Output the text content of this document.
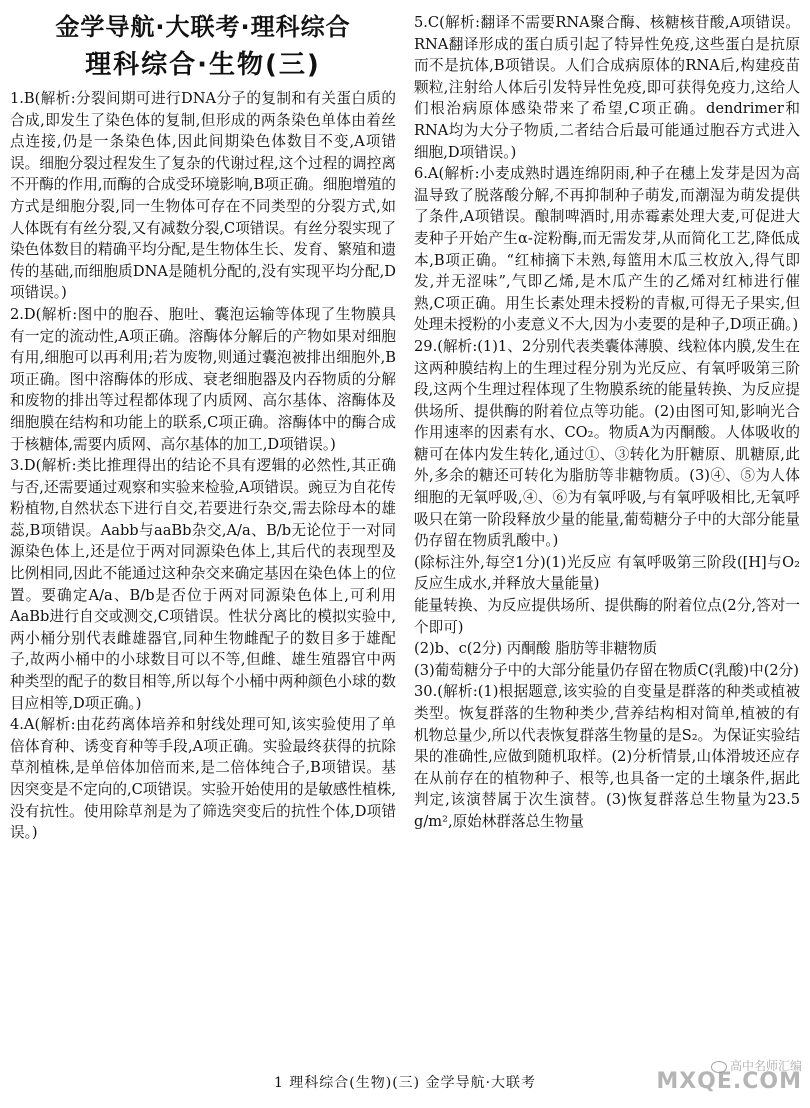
金学导航·大联考·理科综合
理科综合·生物(三)

1.B(解析:分裂间期可进行DNA分子的复制和有关蛋白质的合成,即发生了染色体的复制,但形成的两条染色单体由着丝点连接,仍是一条染色体,因此间期染色体数目不变,A项错误。细胞分裂过程发生了复杂的代谢过程,这个过程的调控离不开酶的作用,而酶的合成受环境影响,B项正确。细胞增殖的方式是细胞分裂,同一生物体可存在不同类型的分裂方式,如人体既有有丝分裂,又有减数分裂,C项错误。有丝分裂实现了染色体数目的精确平均分配,是生物体生长、发育、繁殖和遗传的基础,而细胞质DNA是随机分配的,没有实现平均分配,D项错误。)

2.D(解析:图中的胞吞、胞吐、囊泡运输等体现了生物膜具有一定的流动性,A项正确。溶酶体分解后的产物如果对细胞有用,细胞可以再利用;若为废物,则通过囊泡被排出细胞外,B项正确。图中溶酶体的形成、衰老细胞器及内吞物质的分解和废物的排出等过程都体现了内质网、高尔基体、溶酶体及细胞膜在结构和功能上的联系,C项正确。溶酶体中的酶合成于核糖体,需要内质网、高尔基体的加工,D项错误。)

3.D(解析:类比推理得出的结论不具有逻辑的必然性,其正确与否,还需要通过观察和实验来检验,A项错误。豌豆为自花传粉植物,自然状态下进行自交,若要进行杂交,需去除母本的雄蕊,B项错误。Aabb与aaBb杂交,A/a、B/b无论位于一对同源染色体上,还是位于两对同源染色体上,其后代的表现型及比例相同,因此不能通过这种杂交来确定基因在染色体上的位置。要确定A/a、B/b是否位于两对同源染色体上,可利用AaBb进行自交或测交,C项错误。性状分离比的模拟实验中,两小桶分别代表雌雄器官,同种生物雌配子的数目多于雄配子,故两小桶中的小球数目可以不等,但雌、雄生殖器官中两种类型的配子的数目相等,所以每个小桶中两种颜色小球的数目应相等,D项正确。)

4.A(解析:由花药离体培养和射线处理可知,该实验使用了单倍体育种、诱变育种等手段,A项正确。实验最终获得的抗除草剂植株,是单倍体加倍而来,是二倍体纯合子,B项错误。基因突变是不定向的,C项错误。实验开始使用的是敏感性植株,没有抗性。使用除草剂是为了筛选突变后的抗性个体,D项错误。)

5.C(解析:翻译不需要RNA聚合酶、核糖核苷酸,A项错误。RNA翻译形成的蛋白质引起了特异性免疫,这些蛋白是抗原而不是抗体,B项错误。人们合成病原体的RNA后,构建疫苗颗粒,注射给人体后引发特异性免疫,即可获得免疫力,这给人们根治病原体感染带来了希望,C项正确。dendrimer和RNA均为大分子物质,二者结合后最可能通过胞吞方式进入细胞,D项错误。)

6.A(解析:小麦成熟时遇连绵阴雨,种子在穗上发芽是因为高温导致了脱落酸分解,不再抑制种子萌发,而潮湿为萌发提供了条件,A项错误。酿制啤酒时,用赤霉素处理大麦,可促进大麦种子开始产生α-淀粉酶,而无需发芽,从而简化工艺,降低成本,B项正确。“红柿摘下未熟,每篮用木瓜三枚放入,得气即发,并无涩味”,气即乙烯,是木瓜产生的乙烯对红柿进行催熟,C项正确。用生长素处理未授粉的青椒,可得无子果实,但处理未授粉的小麦意义不大,因为小麦要的是种子,D项正确。)

29.(解析:(1)1、2分别代表类囊体薄膜、线粒体内膜,发生在这两种膜结构上的生理过程分别为光反应、有氧呼吸第三阶段,这两个生理过程体现了生物膜系统的能量转换、为反应提供场所、提供酶的附着位点等功能。(2)由图可知,影响光合作用速率的因素有水、CO₂。物质A为丙酮酸。人体吸收的糖可在体内发生转化,通过①、③转化为肝糖原、肌糖原,此外,多余的糖还可转化为脂肪等非糖物质。(3)④、⑤为人体细胞的无氧呼吸,④、⑥为有氧呼吸,与有氧呼吸相比,无氧呼吸只在第一阶段释放少量的能量,葡萄糖分子中的大部分能量仍存留在物质乳酸中。)

(除标注外,每空1分)(1)光反应 有氧呼吸第三阶段([H]与O₂反应生成水,并释放大量能量)

能量转换、为反应提供场所、提供酶的附着位点(2分,答对一个即可)

(2)b、c(2分) 丙酮酸 脂肪等非糖物质

(3)葡萄糖分子中的大部分能量仍存留在物质C(乳酸)中(2分)

30.(解析:(1)根据题意,该实验的自变量是群落的种类或植被类型。恢复群落的生物种类少,营养结构相对简单,植被的有机物总量少,所以代表恢复群落生物量的是S₂。为保证实验结果的准确性,应做到随机取样。(2)分析情景,山体滑坡还应存在从前存在的植物种子、根等,也具备一定的土壤条件,据此判定,该演替属于次生演替。(3)恢复群落总生物量为23.5 g/m²,原始林群落总生物量

1 理科综合(生物)(三) 金学导航·大联考
高中名师汇编
MXQE.COM
